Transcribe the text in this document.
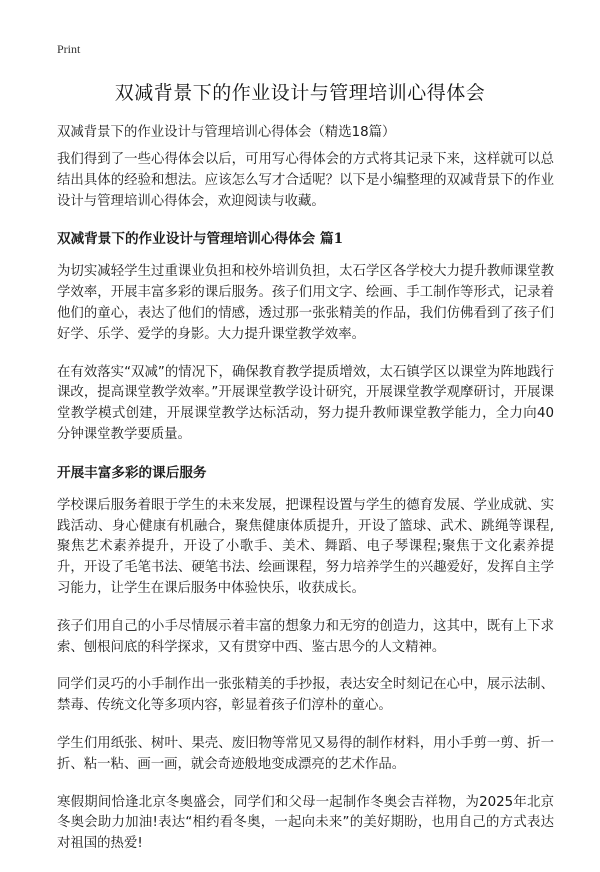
Print
双减背景下的作业设计与管理培训心得体会
双减背景下的作业设计与管理培训心得体会（精选18篇）

我们得到了一些心得体会以后，可用写心得体会的方式将其记录下来，这样就可以总结出具体的经验和想法。应该怎么写才合适呢？以下是小编整理的双减背景下的作业设计与管理培训心得体会，欢迎阅读与收藏。

双减背景下的作业设计与管理培训心得体会 篇1

为切实减轻学生过重课业负担和校外培训负担，太石学区各学校大力提升教师课堂教学效率，开展丰富多彩的课后服务。孩子们用文字、绘画、手工制作等形式，记录着他们的童心，表达了他们的情感，透过那一张张精美的作品，我们仿佛看到了孩子们好学、乐学、爱学的身影。大力提升课堂教学效率。

在有效落实“双减”的情况下，确保教育教学提质增效，太石镇学区以课堂为阵地践行课改，提高课堂教学效率。”开展课堂教学设计研究，开展课堂教学观摩研讨，开展课堂教学模式创建，开展课堂教学达标活动，努力提升教师课堂教学能力，全力向40分钟课堂教学要质量。

开展丰富多彩的课后服务

学校课后服务着眼于学生的未来发展，把课程设置与学生的德育发展、学业成就、实践活动、身心健康有机融合，聚焦健康体质提升，开设了篮球、武术、跳绳等课程,聚焦艺术素养提升，开设了小歌手、美术、舞蹈、电子琴课程;聚焦于文化素养提升，开设了毛笔书法、硬笔书法、绘画课程，努力培养学生的兴趣爱好，发挥自主学习能力，让学生在课后服务中体验快乐，收获成长。

孩子们用自己的小手尽情展示着丰富的想象力和无穷的创造力，这其中，既有上下求索、刨根问底的科学探求，又有贯穿中西、鉴古思今的人文精神。

同学们灵巧的小手制作出一张张精美的手抄报，表达安全时刻记在心中，展示法制、禁毒、传统文化等多项内容，彰显着孩子们淳朴的童心。

学生们用纸张、树叶、果壳、废旧物等常见又易得的制作材料，用小手剪一剪、折一折、粘一粘、画一画，就会奇迹般地变成漂亮的艺术作品。

寒假期间恰逢北京冬奥盛会，同学们和父母一起制作冬奥会吉祥物，为2025年北京冬奥会助力加油!表达“相约看冬奥，一起向未来”的美好期盼，也用自己的方式表达对祖国的热爱!
